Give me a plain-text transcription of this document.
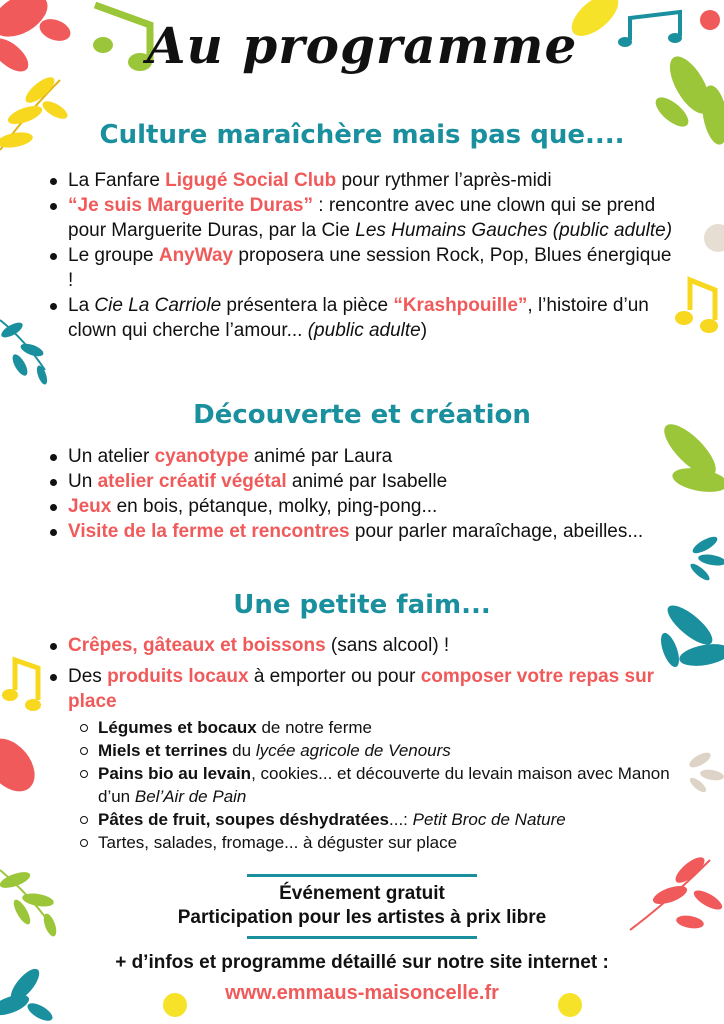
Au programme
Culture maraîchère mais pas que....
La Fanfare Ligugé Social Club pour rythmer l’après-midi
“Je suis Marguerite Duras” : rencontre avec une clown qui se prend pour Marguerite Duras, par la Cie Les Humains Gauches (public adulte)
Le groupe AnyWay proposera une session Rock, Pop, Blues énergique !
La Cie La Carriole présentera la pièce “Krashpouille”, l’histoire d’un clown qui cherche l’amour... (public adulte)
Découverte et création
Un atelier cyanotype animé par Laura
Un atelier créatif végétal animé par Isabelle
Jeux en bois, pétanque, molky, ping-pong...
Visite de la ferme et rencontres pour parler maraîchage, abeilles...
Une petite faim...
Crêpes, gâteaux et boissons (sans alcool) !
Des produits locaux à emporter ou pour composer votre repas sur place
Légumes et bocaux de notre ferme
Miels et terrines du lycée agricole de Venours
Pains bio au levain, cookies... et découverte du levain maison avec Manon d’un Bel’Air de Pain
Pâtes de fruit, soupes déshydratées...: Petit Broc de Nature
Tartes, salades, fromage... à déguster sur place
Événement gratuit
Participation pour les artistes à prix libre
+ d’infos et programme détaillé sur notre site internet :
www.emmaus-maisoncelle.fr
